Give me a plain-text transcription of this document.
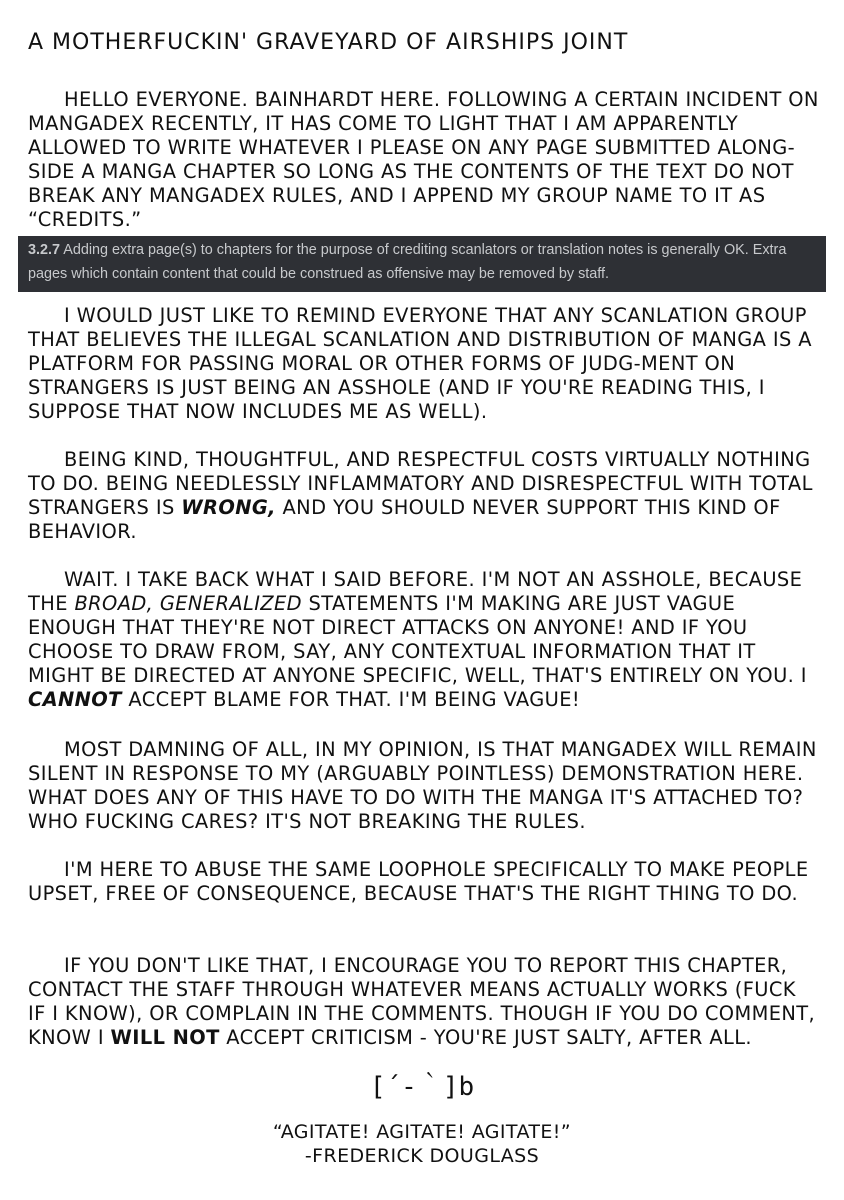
A MOTHERFUCKIN' GRAVEYARD OF AIRSHIPS JOINT

HELLO EVERYONE. BAINHARDT HERE. FOLLOWING A CERTAIN INCIDENT ON MANGADEX RECENTLY, IT HAS COME TO LIGHT THAT I AM APPARENTLY ALLOWED TO WRITE WHATEVER I PLEASE ON ANY PAGE SUBMITTED ALONG-SIDE A MANGA CHAPTER SO LONG AS THE CONTENTS OF THE TEXT DO NOT BREAK ANY MANGADEX RULES, AND I APPEND MY GROUP NAME TO IT AS “CREDITS.”

3.2.7 Adding extra page(s) to chapters for the purpose of crediting scanlators or translation notes is generally OK. Extra pages which contain content that could be construed as offensive may be removed by staff.

I WOULD JUST LIKE TO REMIND EVERYONE THAT ANY SCANLATION GROUP THAT BELIEVES THE ILLEGAL SCANLATION AND DISTRIBUTION OF MANGA IS A PLATFORM FOR PASSING MORAL OR OTHER FORMS OF JUDG-MENT ON STRANGERS IS JUST BEING AN ASSHOLE (AND IF YOU'RE READING THIS, I SUPPOSE THAT NOW INCLUDES ME AS WELL).

BEING KIND, THOUGHTFUL, AND RESPECTFUL COSTS VIRTUALLY NOTHING TO DO. BEING NEEDLESSLY INFLAMMATORY AND DISRESPECTFUL WITH TOTAL STRANGERS IS WRONG, AND YOU SHOULD NEVER SUPPORT THIS KIND OF BEHAVIOR.

WAIT. I TAKE BACK WHAT I SAID BEFORE. I'M NOT AN ASSHOLE, BECAUSE THE BROAD, GENERALIZED STATEMENTS I'M MAKING ARE JUST VAGUE ENOUGH THAT THEY'RE NOT DIRECT ATTACKS ON ANYONE! AND IF YOU CHOOSE TO DRAW FROM, SAY, ANY CONTEXTUAL INFORMATION THAT IT MIGHT BE DIRECTED AT ANYONE SPECIFIC, WELL, THAT'S ENTIRELY ON YOU. I CANNOT ACCEPT BLAME FOR THAT. I'M BEING VAGUE!

MOST DAMNING OF ALL, IN MY OPINION, IS THAT MANGADEX WILL REMAIN SILENT IN RESPONSE TO MY (ARGUABLY POINTLESS) DEMONSTRATION HERE. WHAT DOES ANY OF THIS HAVE TO DO WITH THE MANGA IT'S ATTACHED TO? WHO FUCKING CARES? IT'S NOT BREAKING THE RULES.

I'M HERE TO ABUSE THE SAME LOOPHOLE SPECIFICALLY TO MAKE PEOPLE UPSET, FREE OF CONSEQUENCE, BECAUSE THAT'S THE RIGHT THING TO DO.

IF YOU DON'T LIKE THAT, I ENCOURAGE YOU TO REPORT THIS CHAPTER, CONTACT THE STAFF THROUGH WHATEVER MEANS ACTUALLY WORKS (FUCK IF I KNOW), OR COMPLAIN IN THE COMMENTS. THOUGH IF YOU DO COMMENT, KNOW I WILL NOT ACCEPT CRITICISM - YOU'RE JUST SALTY, AFTER ALL.

[´-｀]b
“AGITATE! AGITATE! AGITATE!”
-FREDERICK DOUGLASS
